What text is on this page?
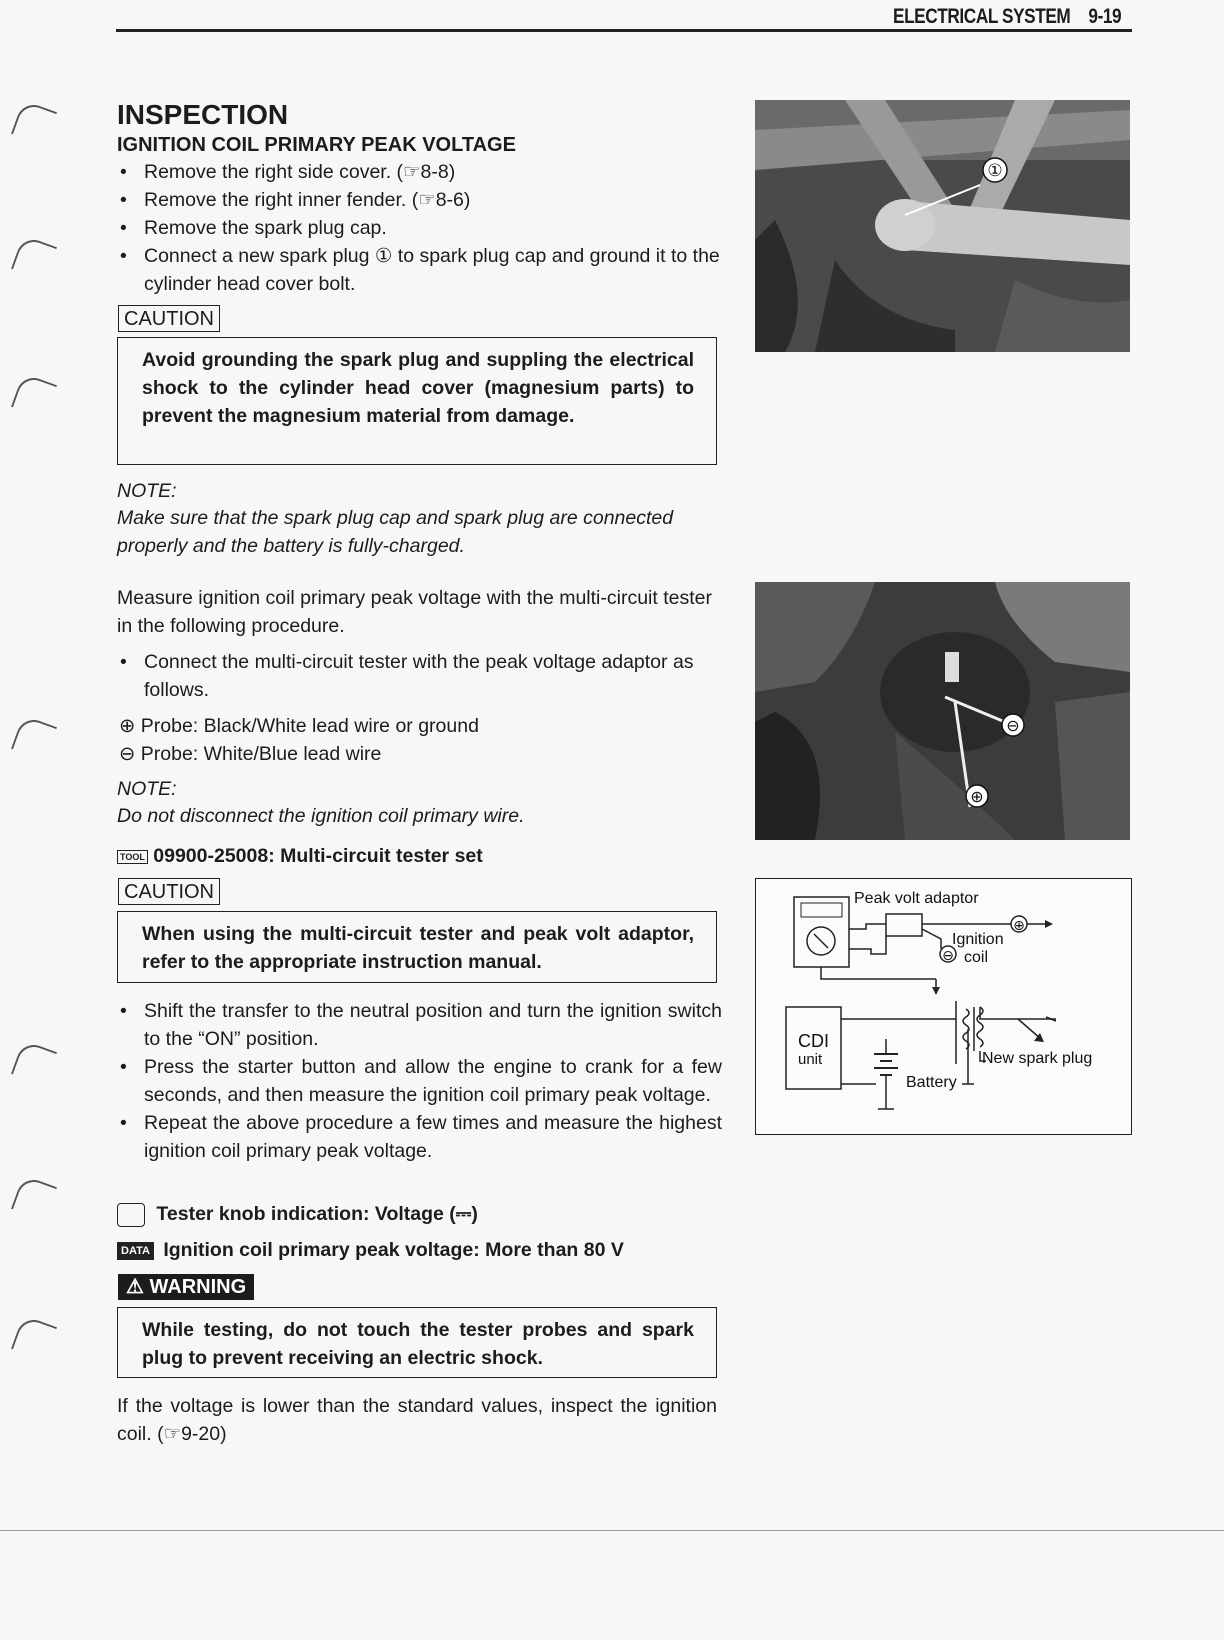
ELECTRICAL SYSTEM 9-19
INSPECTION
IGNITION COIL PRIMARY PEAK VOLTAGE
• Remove the right side cover. (☞8-8)
• Remove the right inner fender. (☞8-6)
• Remove the spark plug cap.
• Connect a new spark plug ① to spark plug cap and ground it to the cylinder head cover bolt.
①
CAUTION
Avoid grounding the spark plug and suppling the electrical shock to the cylinder head cover (magnesium parts) to prevent the magnesium material from damage.
NOTE:
Make sure that the spark plug cap and spark plug are connected properly and the battery is fully-charged.
Measure ignition coil primary peak voltage with the multi-circuit tester in the following procedure.
• Connect the multi-circuit tester with the peak voltage adaptor as follows.
⊕ Probe: Black/White lead wire or ground
⊖ Probe: White/Blue lead wire
NOTE:
Do not disconnect the ignition coil primary wire.
TOOL 09900-25008: Multi-circuit tester set
⊖
⊕
Peak volt adaptor
⊕
⊖
Ignition
coil
CDI
unit
Battery
New spark plug
CAUTION
When using the multi-circuit tester and peak volt adaptor, refer to the appropriate instruction manual.
• Shift the transfer to the neutral position and turn the ignition switch to the “ON” position.
• Press the starter button and allow the engine to crank for a few seconds, and then measure the ignition coil primary peak voltage.
• Repeat the above procedure a few times and measure the highest ignition coil primary peak voltage.
Tester knob indication: Voltage (⎓)
DATA Ignition coil primary peak voltage: More than 80 V
⚠ WARNING
While testing, do not touch the tester probes and spark plug to prevent receiving an electric shock.
If the voltage is lower than the standard values, inspect the ignition coil. (☞9-20)
